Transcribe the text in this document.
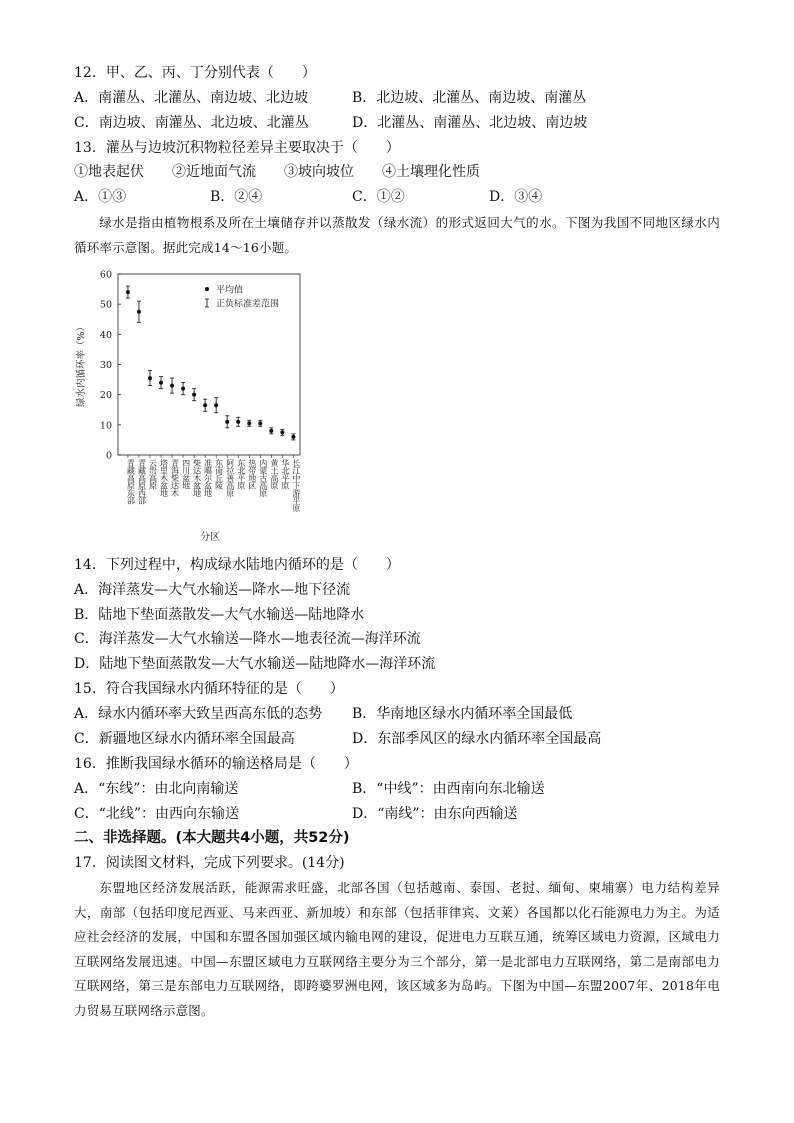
12．甲、乙、丙、丁分别代表（　　）
A．南灌丛、北灌丛、南边坡、北边坡	B．北边坡、北灌丛、南边坡、南灌丛
C．南边坡、南灌丛、北边坡、北灌丛	D．北灌丛、南灌丛、北边坡、南边坡
13．灌丛与边坡沉积物粒径差异主要取决于（　　）
①地表起伏　　②近地面气流　　③坡向坡位　　④土壤理化性质
A．①③	B．②④	C．①②	D．③④
绿水是指由植物根系及所在土壤储存并以蒸散发（绿水流）的形式返回大气的水。下图为我国不同地区绿水内循环率示意图。据此完成14～16小题。
0
10
20
30
40
50
60
绿水内循环率（%）
青藏高原东部 青藏高原西部 云贵高原 塔里木盆地 青海柴达木 四川盆地 柴达木盆地 准噶尔盆地 东南丘陵 阿拉善高原 东北平原 热带地区 内蒙古高原 黄土高原 华北平原 长江中下游平原
分区
平均值
正负标准差范围
14．下列过程中，构成绿水陆地内循环的是（　　）
A．海洋蒸发—大气水输送—降水—地下径流
B．陆地下垫面蒸散发—大气水输送—陆地降水
C．海洋蒸发—大气水输送—降水—地表径流—海洋环流
D．陆地下垫面蒸散发—大气水输送—陆地降水—海洋环流
15．符合我国绿水内循环特征的是（　　）
A．绿水内循环率大致呈西高东低的态势 B．华南地区绿水内循环率全国最低
C．新疆地区绿水内循环率全国最高	D．东部季风区的绿水内循环率全国最高
16．推断我国绿水循环的输送格局是（　　）
A．“东线”：由北向南输送	B．“中线”：由西南向东北输送
C．“北线”：由西向东输送	D．“南线”：由东向西输送
二、非选择题。(本大题共4小题，共52分)
17．阅读图文材料，完成下列要求。(14分)
东盟地区经济发展活跃，能源需求旺盛，北部各国（包括越南、泰国、老挝、缅甸、柬埔寨）电力结构差异大，南部（包括印度尼西亚、马来西亚、新加坡）和东部（包括菲律宾、文莱）各国都以化石能源电力为主。为适应社会经济的发展，中国和东盟各国加强区域内输电网的建设，促进电力互联互通，统筹区域电力资源，区域电力互联网络发展迅速。中国—东盟区域电力互联网络主要分为三个部分，第一是北部电力互联网络，第二是南部电力互联网络，第三是东部电力互联网络，即跨婆罗洲电网，该区域多为岛屿。下图为中国—东盟2007年、2018年电力贸易互联网络示意图。
